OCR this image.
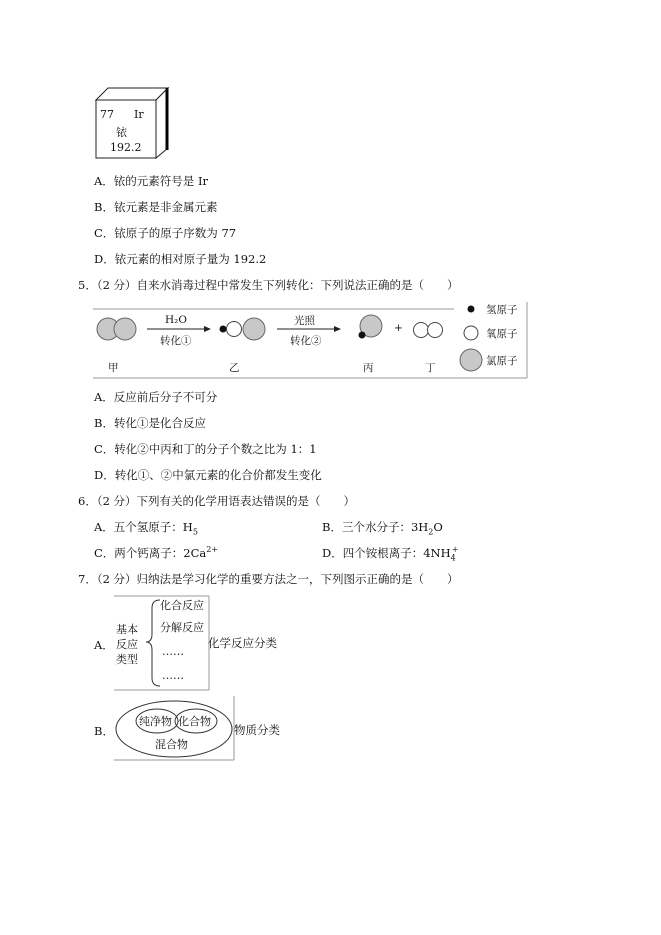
77 Ir
铱
192.2
A．铱的元素符号是 Ir
B．铱元素是非金属元素
C．铱原子的原子序数为 77
D．铱元素的相对原子量为 192.2
5．（2 分）自来水消毒过程中常发生下列转化：下列说法正确的是（　　）
H₂O
转化①
光照
转化②
+
甲	乙	丙	丁
氢原子
氧原子
氯原子
A．反应前后分子不可分
B．转化①是化合反应
C．转化②中丙和丁的分子个数之比为 1：1
D．转化①、②中氯元素的化合价都发生变化
6．（2 分）下列有关的化学用语表达错误的是（　　）
A．五个氢原子：$H_5$	B．三个水分子：$3H_2O$
C．两个钙离子：$2Ca^{2+}$	D．四个铵根离子：$4NH_4^+$
7．（2 分）归纳法是学习化学的重要方法之一，下列图示正确的是（　　）
A．
基本
反应
类型
化合反应
分解反应
……
……
化学反应分类
B．
纯净物 化合物
混合物
物质分类
